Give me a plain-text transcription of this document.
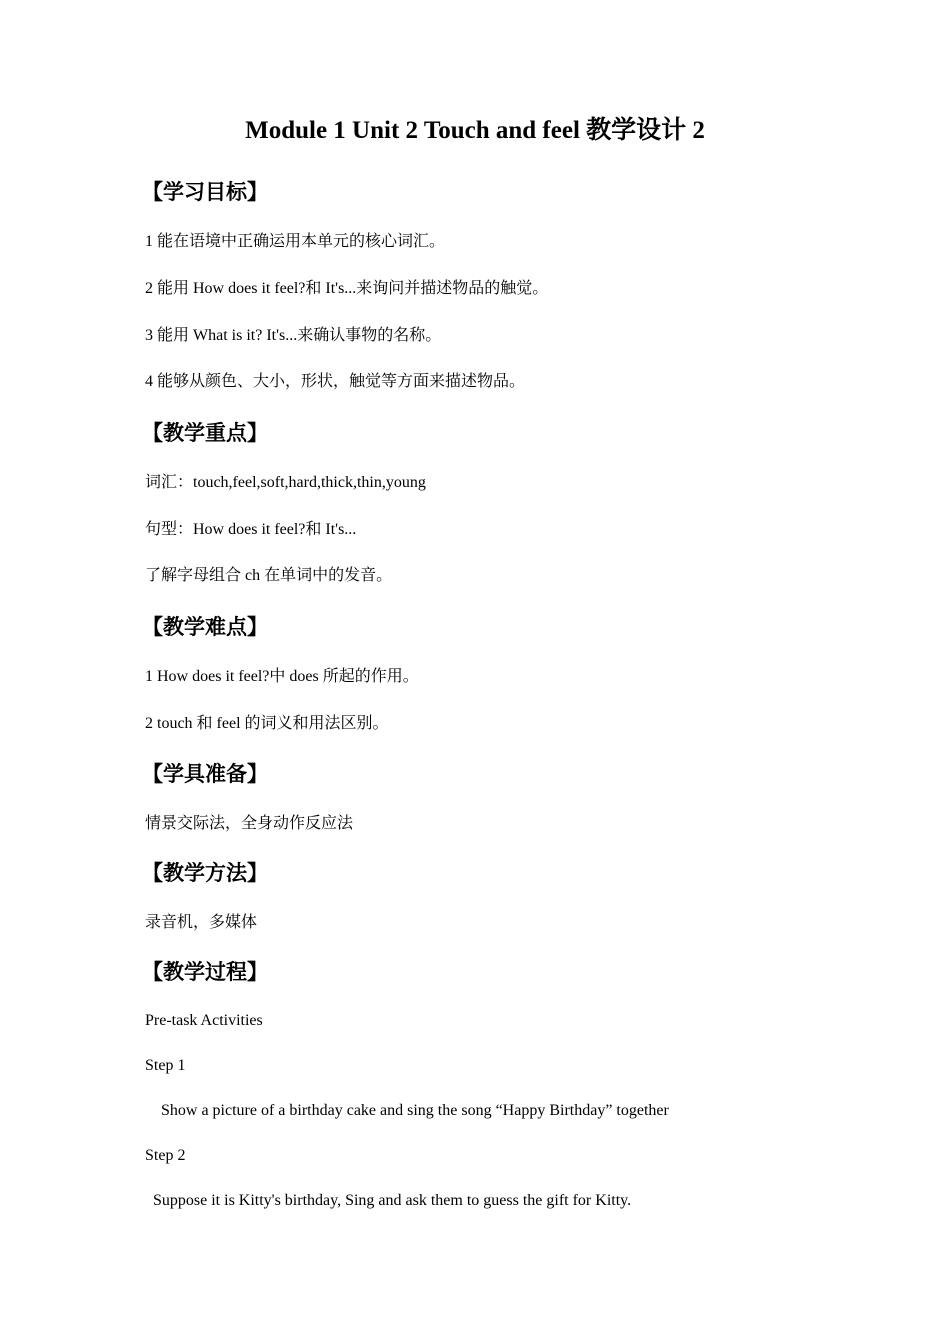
Module 1 Unit 2 Touch and feel 教学设计 2
【学习目标】
1 能在语境中正确运用本单元的核心词汇。
2 能用 How does it feel?和 It's...来询问并描述物品的触觉。
3 能用 What is it? It's...来确认事物的名称。
4 能够从颜色、大小，形状，触觉等方面来描述物品。
【教学重点】
词汇：touch,feel,soft,hard,thick,thin,young
句型：How does it feel?和 It's...
了解字母组合 ch 在单词中的发音。
【教学难点】
1 How does it feel?中 does 所起的作用。
2 touch 和 feel 的词义和用法区别。
【学具准备】
情景交际法，全身动作反应法
【教学方法】
录音机，多媒体
【教学过程】
Pre-task Activities
Step 1
Show a picture of a birthday cake and sing the song “Happy Birthday” together
Step 2
Suppose it is Kitty's birthday, Sing and ask them to guess the gift for Kitty.
